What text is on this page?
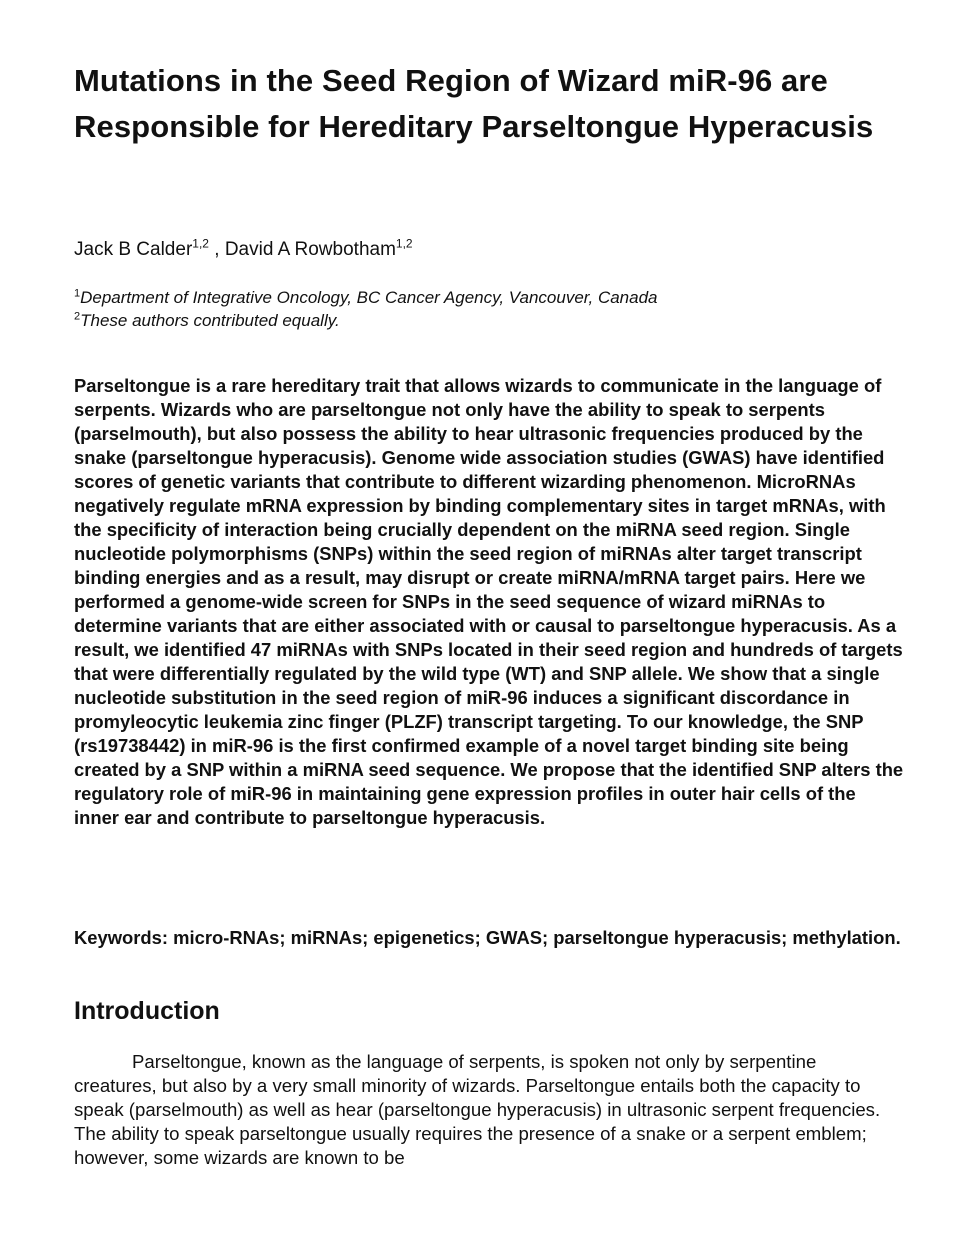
Mutations in the Seed Region of Wizard miR-96 are Responsible for Hereditary Parseltongue Hyperacusis

Jack B Calder$^{1,2}$ , David A Rowbotham$^{1,2}$

$^1$Department of Integrative Oncology, BC Cancer Agency, Vancouver, Canada
$^2$These authors contributed equally.

Parseltongue is a rare hereditary trait that allows wizards to communicate in the language of serpents. Wizards who are parseltongue not only have the ability to speak to serpents (parselmouth), but also possess the ability to hear ultrasonic frequencies produced by the snake (parseltongue hyperacusis). Genome wide association studies (GWAS) have identified scores of genetic variants that contribute to different wizarding phenomenon. MicroRNAs negatively regulate mRNA expression by binding complementary sites in target mRNAs, with the specificity of interaction being crucially dependent on the miRNA seed region. Single nucleotide polymorphisms (SNPs) within the seed region of miRNAs alter target transcript binding energies and as a result, may disrupt or create miRNA/mRNA target pairs. Here we performed a genome-wide screen for SNPs in the seed sequence of wizard miRNAs to determine variants that are either associated with or causal to parseltongue hyperacusis. As a result, we identified 47 miRNAs with SNPs located in their seed region and hundreds of targets that were differentially regulated by the wild type (WT) and SNP allele. We show that a single nucleotide substitution in the seed region of miR-96 induces a significant discordance in promyleocytic leukemia zinc finger (PLZF) transcript targeting. To our knowledge, the SNP (rs19738442) in miR-96 is the first confirmed example of a novel target binding site being created by a SNP within a miRNA seed sequence. We propose that the identified SNP alters the regulatory role of miR-96 in maintaining gene expression profiles in outer hair cells of the inner ear and contribute to parseltongue hyperacusis.

Keywords: micro-RNAs; miRNAs; epigenetics; GWAS; parseltongue hyperacusis; methylation.

Introduction

Parseltongue, known as the language of serpents, is spoken not only by serpentine creatures, but also by a very small minority of wizards. Parseltongue entails both the capacity to speak (parselmouth) as well as hear (parseltongue hyperacusis) in ultrasonic serpent frequencies. The ability to speak parseltongue usually requires the presence of a snake or a serpent emblem; however, some wizards are known to be
